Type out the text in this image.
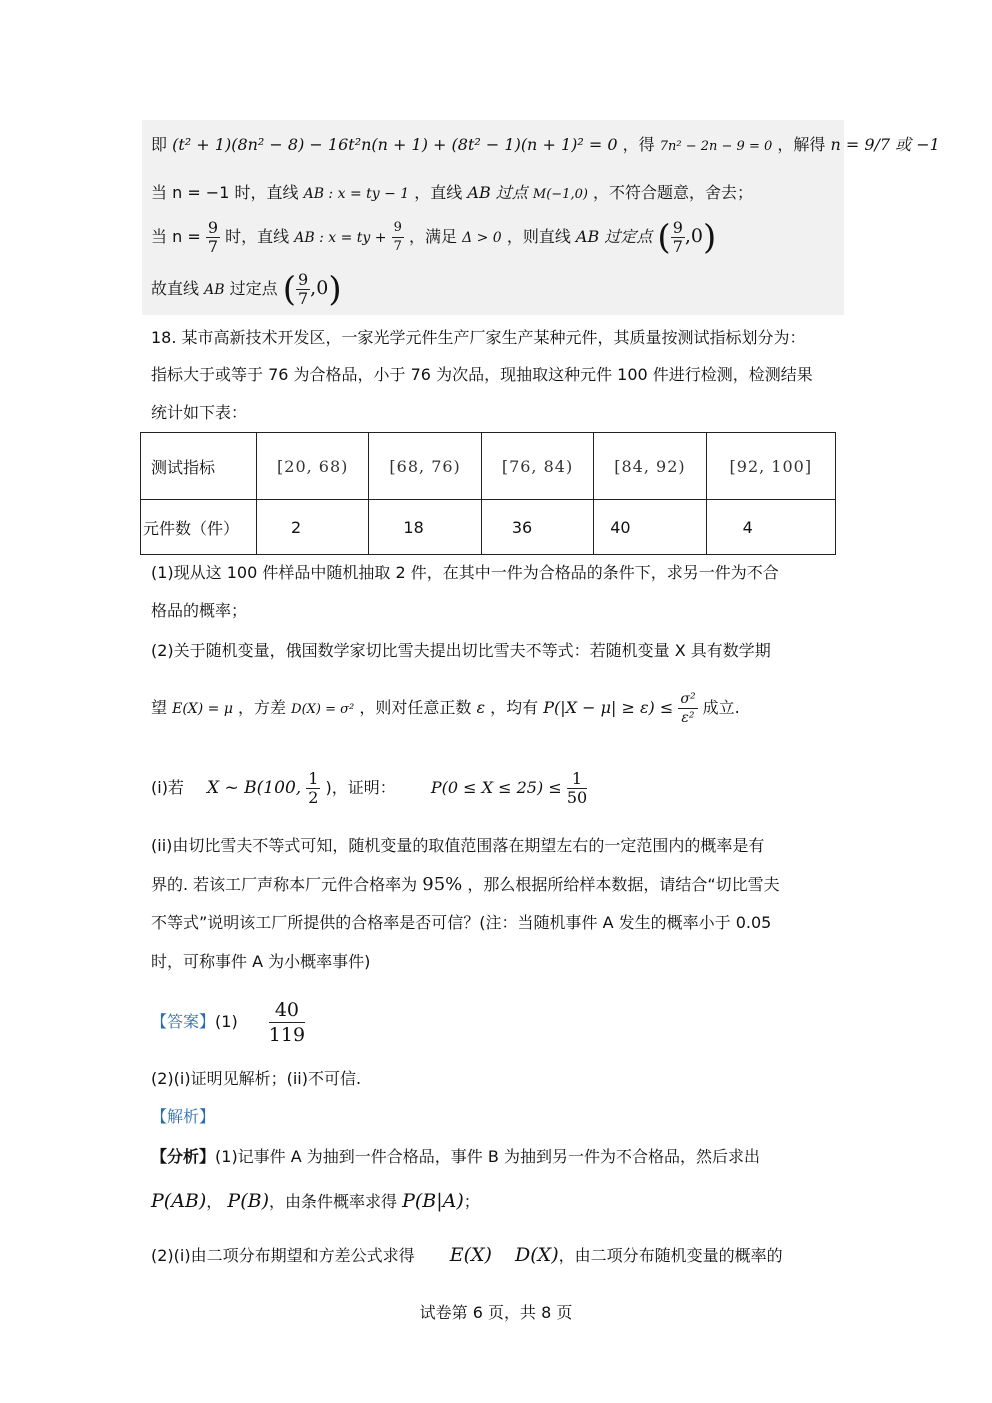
即 (t² + 1)(8n² − 8) − 16t²n(n + 1) + (8t² − 1)(n + 1)² = 0 ，得 7n² − 2n − 9 = 0 ，解得 n = 9/7 或 −1
当 n = −1 时，直线 AB : x = ty − 1 ，直线 AB 过点 M(−1,0) ，不符合题意，舍去；
当 $n = \frac{9}{7}$ 时，直线 AB : x = ty + $\frac{9}{7}$ ，满足 Δ > 0 ，则直线 AB 过定点 ( $\frac{9}{7} ,0$)
故直线 AB 过定点 ( $\frac{9}{7} ,0$)
18. 某市高新技术开发区，一家光学元件生产厂家生产某种元件，其质量按测试指标划分为：
指标大于或等于 76 为合格品，小于 76 为次品，现抽取这种元件 100 件进行检测，检测结果
统计如下表：
测试指标	[20, 68)	[68, 76)	[76, 84)	[84, 92)	[92, 100]
元件数（件）	2	18	36	40	4
(1)现从这 100 件样品中随机抽取 2 件，在其中一件为合格品的条件下，求另一件为不合
格品的概率；
(2)关于随机变量，俄国数学家切比雪夫提出切比雪夫不等式：若随机变量 X 具有数学期
望 E(X) = μ ，方差 D(X) = σ² ，则对任意正数 ε ，均有 $P(|X - \mu| \ge \varepsilon) \le \frac{\text{σ²}}{\text{ε²}}$ 成立.
(i)若 X ~ B(100, $\frac{1}{2}$ )，证明： $P(0 \le X \le 25) \le \frac{1}{50}$
(ii)由切比雪夫不等式可知，随机变量的取值范围落在期望左右的一定范围内的概率是有
界的. 若该工厂声称本厂元件合格率为 95% ，那么根据所给样本数据，请结合“切比雪夫
不等式”说明该工厂所提供的合格率是否可信？(注：当随机事件 A 发生的概率小于 0.05
时，可称事件 A 为小概率事件)
【答案】$(1) \frac{40}{119}$
(2)(i)证明见解析；(ii)不可信.
【解析】
【分析】(1)记事件 A 为抽到一件合格品，事件 B 为抽到另一件为不合格品，然后求出
P(AB)， P(B)，由条件概率求得 P(B|A)；
(2)(i)由二项分布期望和方差公式求得 E(X) D(X)，由二项分布随机变量的概率的
试卷第 6 页，共 8 页
